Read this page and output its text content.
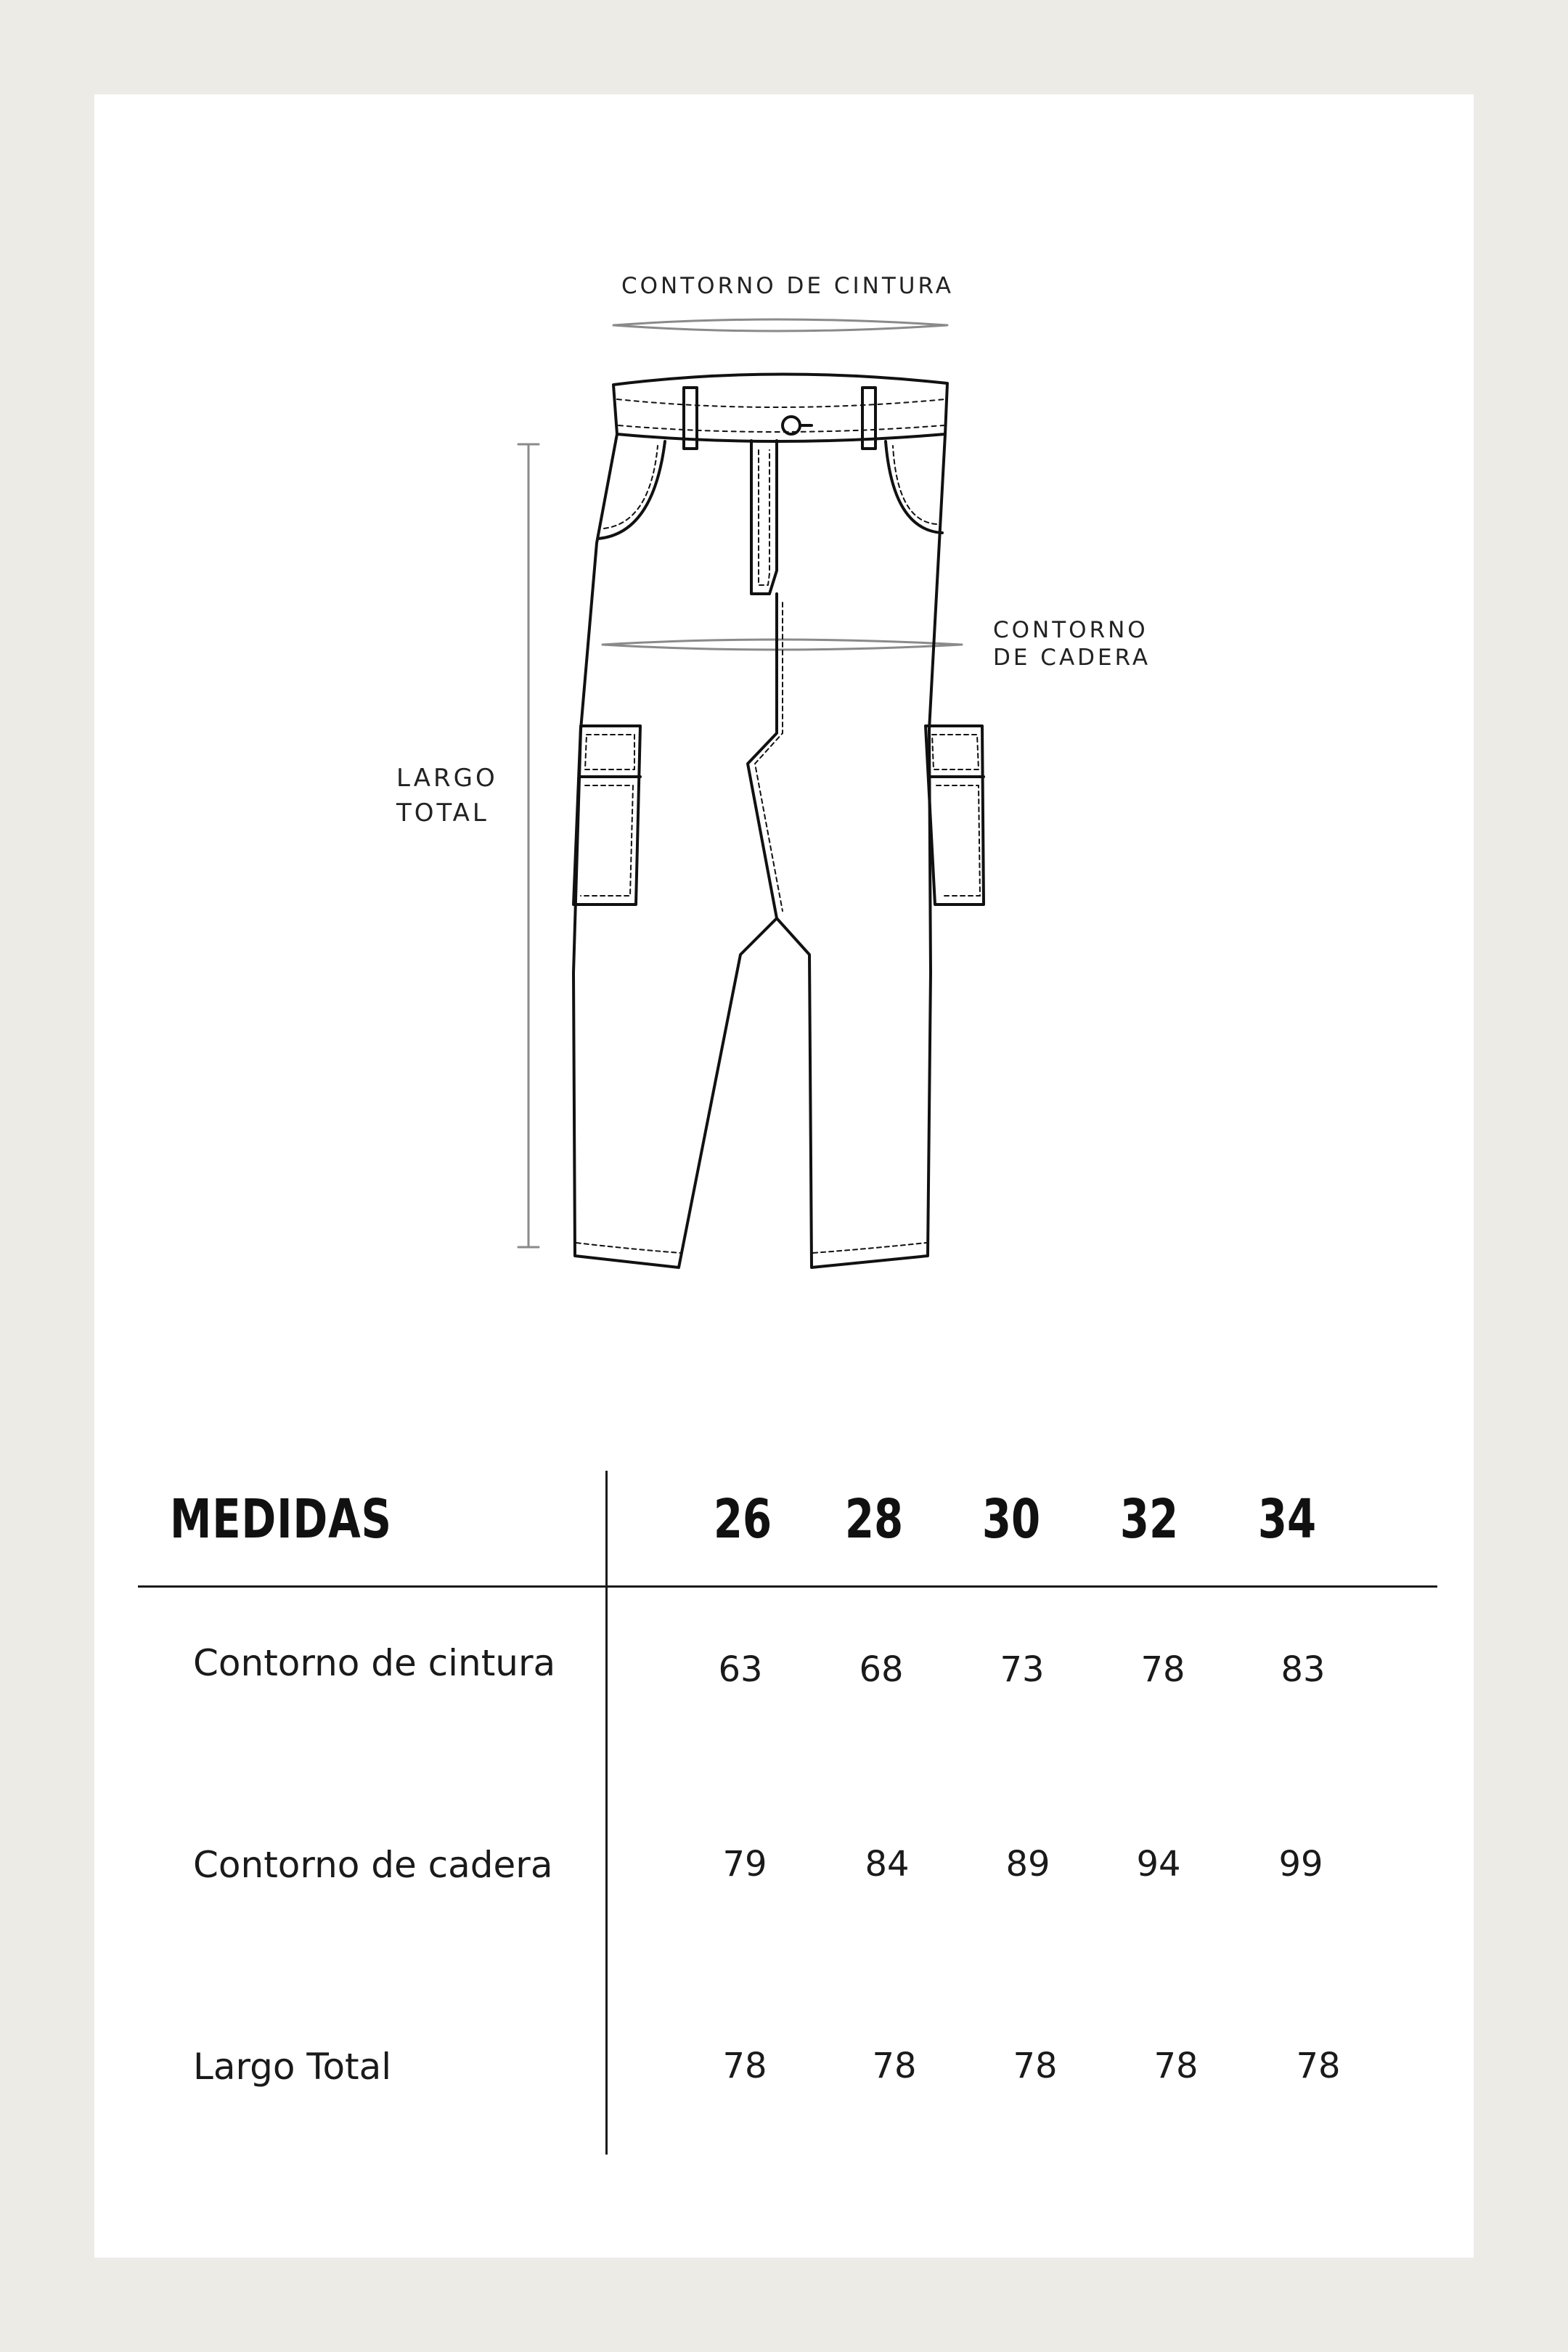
CONTORNO DE CINTURA
CONTORNO
DE CADERA
LARGO
TOTAL
MEDIDAS	26 28 30 32 34
Contorno de cintura	63	68	73	78	83
Contorno de cadera	79	84	89 94	99
Largo Total	78	78	78	78	78
